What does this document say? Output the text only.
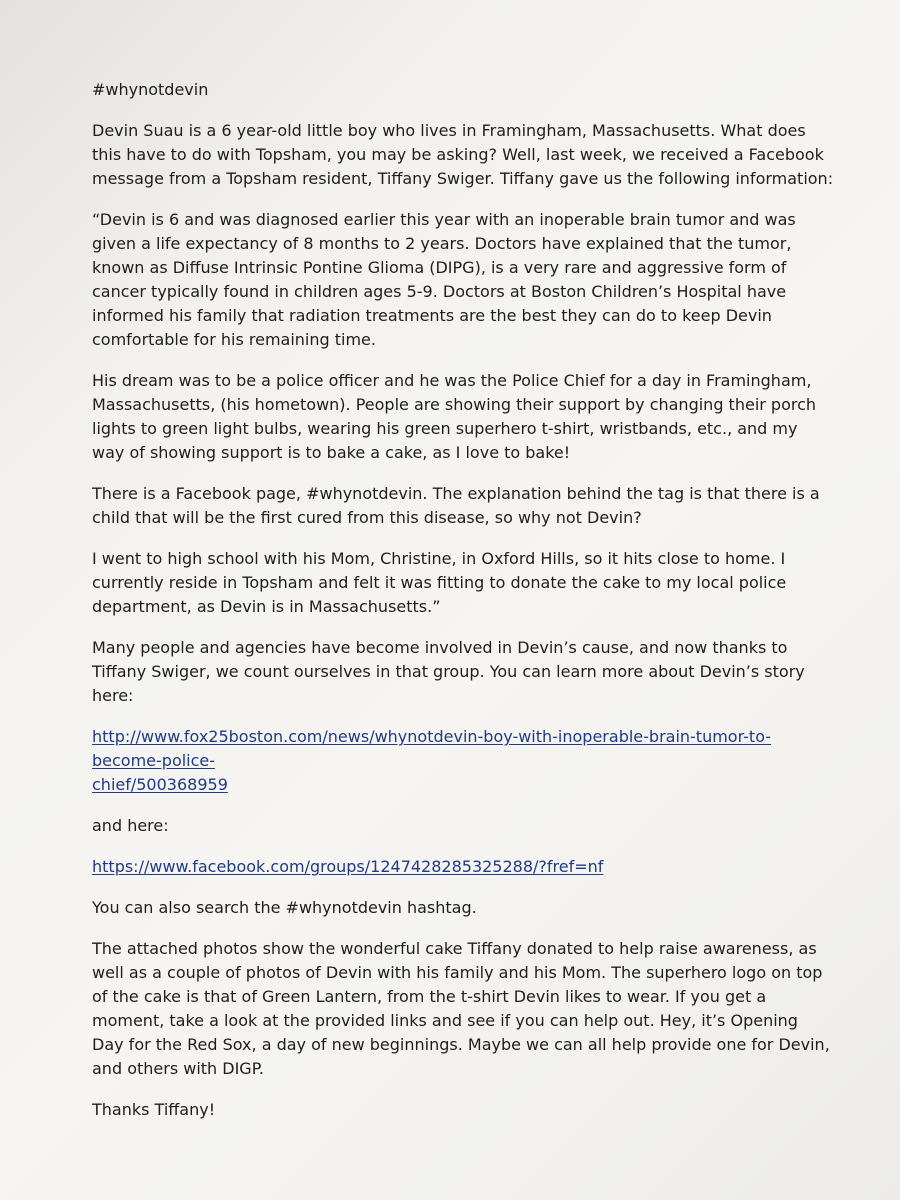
#whynotdevin

Devin Suau is a 6 year-old little boy who lives in Framingham, Massachusetts. What does this have to do with Topsham, you may be asking? Well, last week, we received a Facebook message from a Topsham resident, Tiffany Swiger. Tiffany gave us the following information:

“Devin is 6 and was diagnosed earlier this year with an inoperable brain tumor and was given a life expectancy of 8 months to 2 years. Doctors have explained that the tumor, known as Diffuse Intrinsic Pontine Glioma (DIPG), is a very rare and aggressive form of cancer typically found in children ages 5-9. Doctors at Boston Children’s Hospital have informed his family that radiation treatments are the best they can do to keep Devin comfortable for his remaining time.

His dream was to be a police officer and he was the Police Chief for a day in Framingham, Massachusetts, (his hometown). People are showing their support by changing their porch lights to green light bulbs, wearing his green superhero t-shirt, wristbands, etc., and my way of showing support is to bake a cake, as I love to bake!

There is a Facebook page, #whynotdevin. The explanation behind the tag is that there is a child that will be the first cured from this disease, so why not Devin?

I went to high school with his Mom, Christine, in Oxford Hills, so it hits close to home. I currently reside in Topsham and felt it was fitting to donate the cake to my local police department, as Devin is in Massachusetts.”

Many people and agencies have become involved in Devin’s cause, and now thanks to Tiffany Swiger, we count ourselves in that group. You can learn more about Devin’s story here:

http://www.fox25boston.com/news/whynotdevin-boy-with-inoperable-brain-tumor-to-become-police-
chief/500368959

and here:

https://www.facebook.com/groups/1247428285325288/?fref=nf

You can also search the #whynotdevin hashtag.

The attached photos show the wonderful cake Tiffany donated to help raise awareness, as well as a couple of photos of Devin with his family and his Mom. The superhero logo on top of the cake is that of Green Lantern, from the t-shirt Devin likes to wear. If you get a moment, take a look at the provided links and see if you can help out. Hey, it’s Opening Day for the Red Sox, a day of new beginnings. Maybe we can all help provide one for Devin, and others with DIGP.

Thanks Tiffany!
